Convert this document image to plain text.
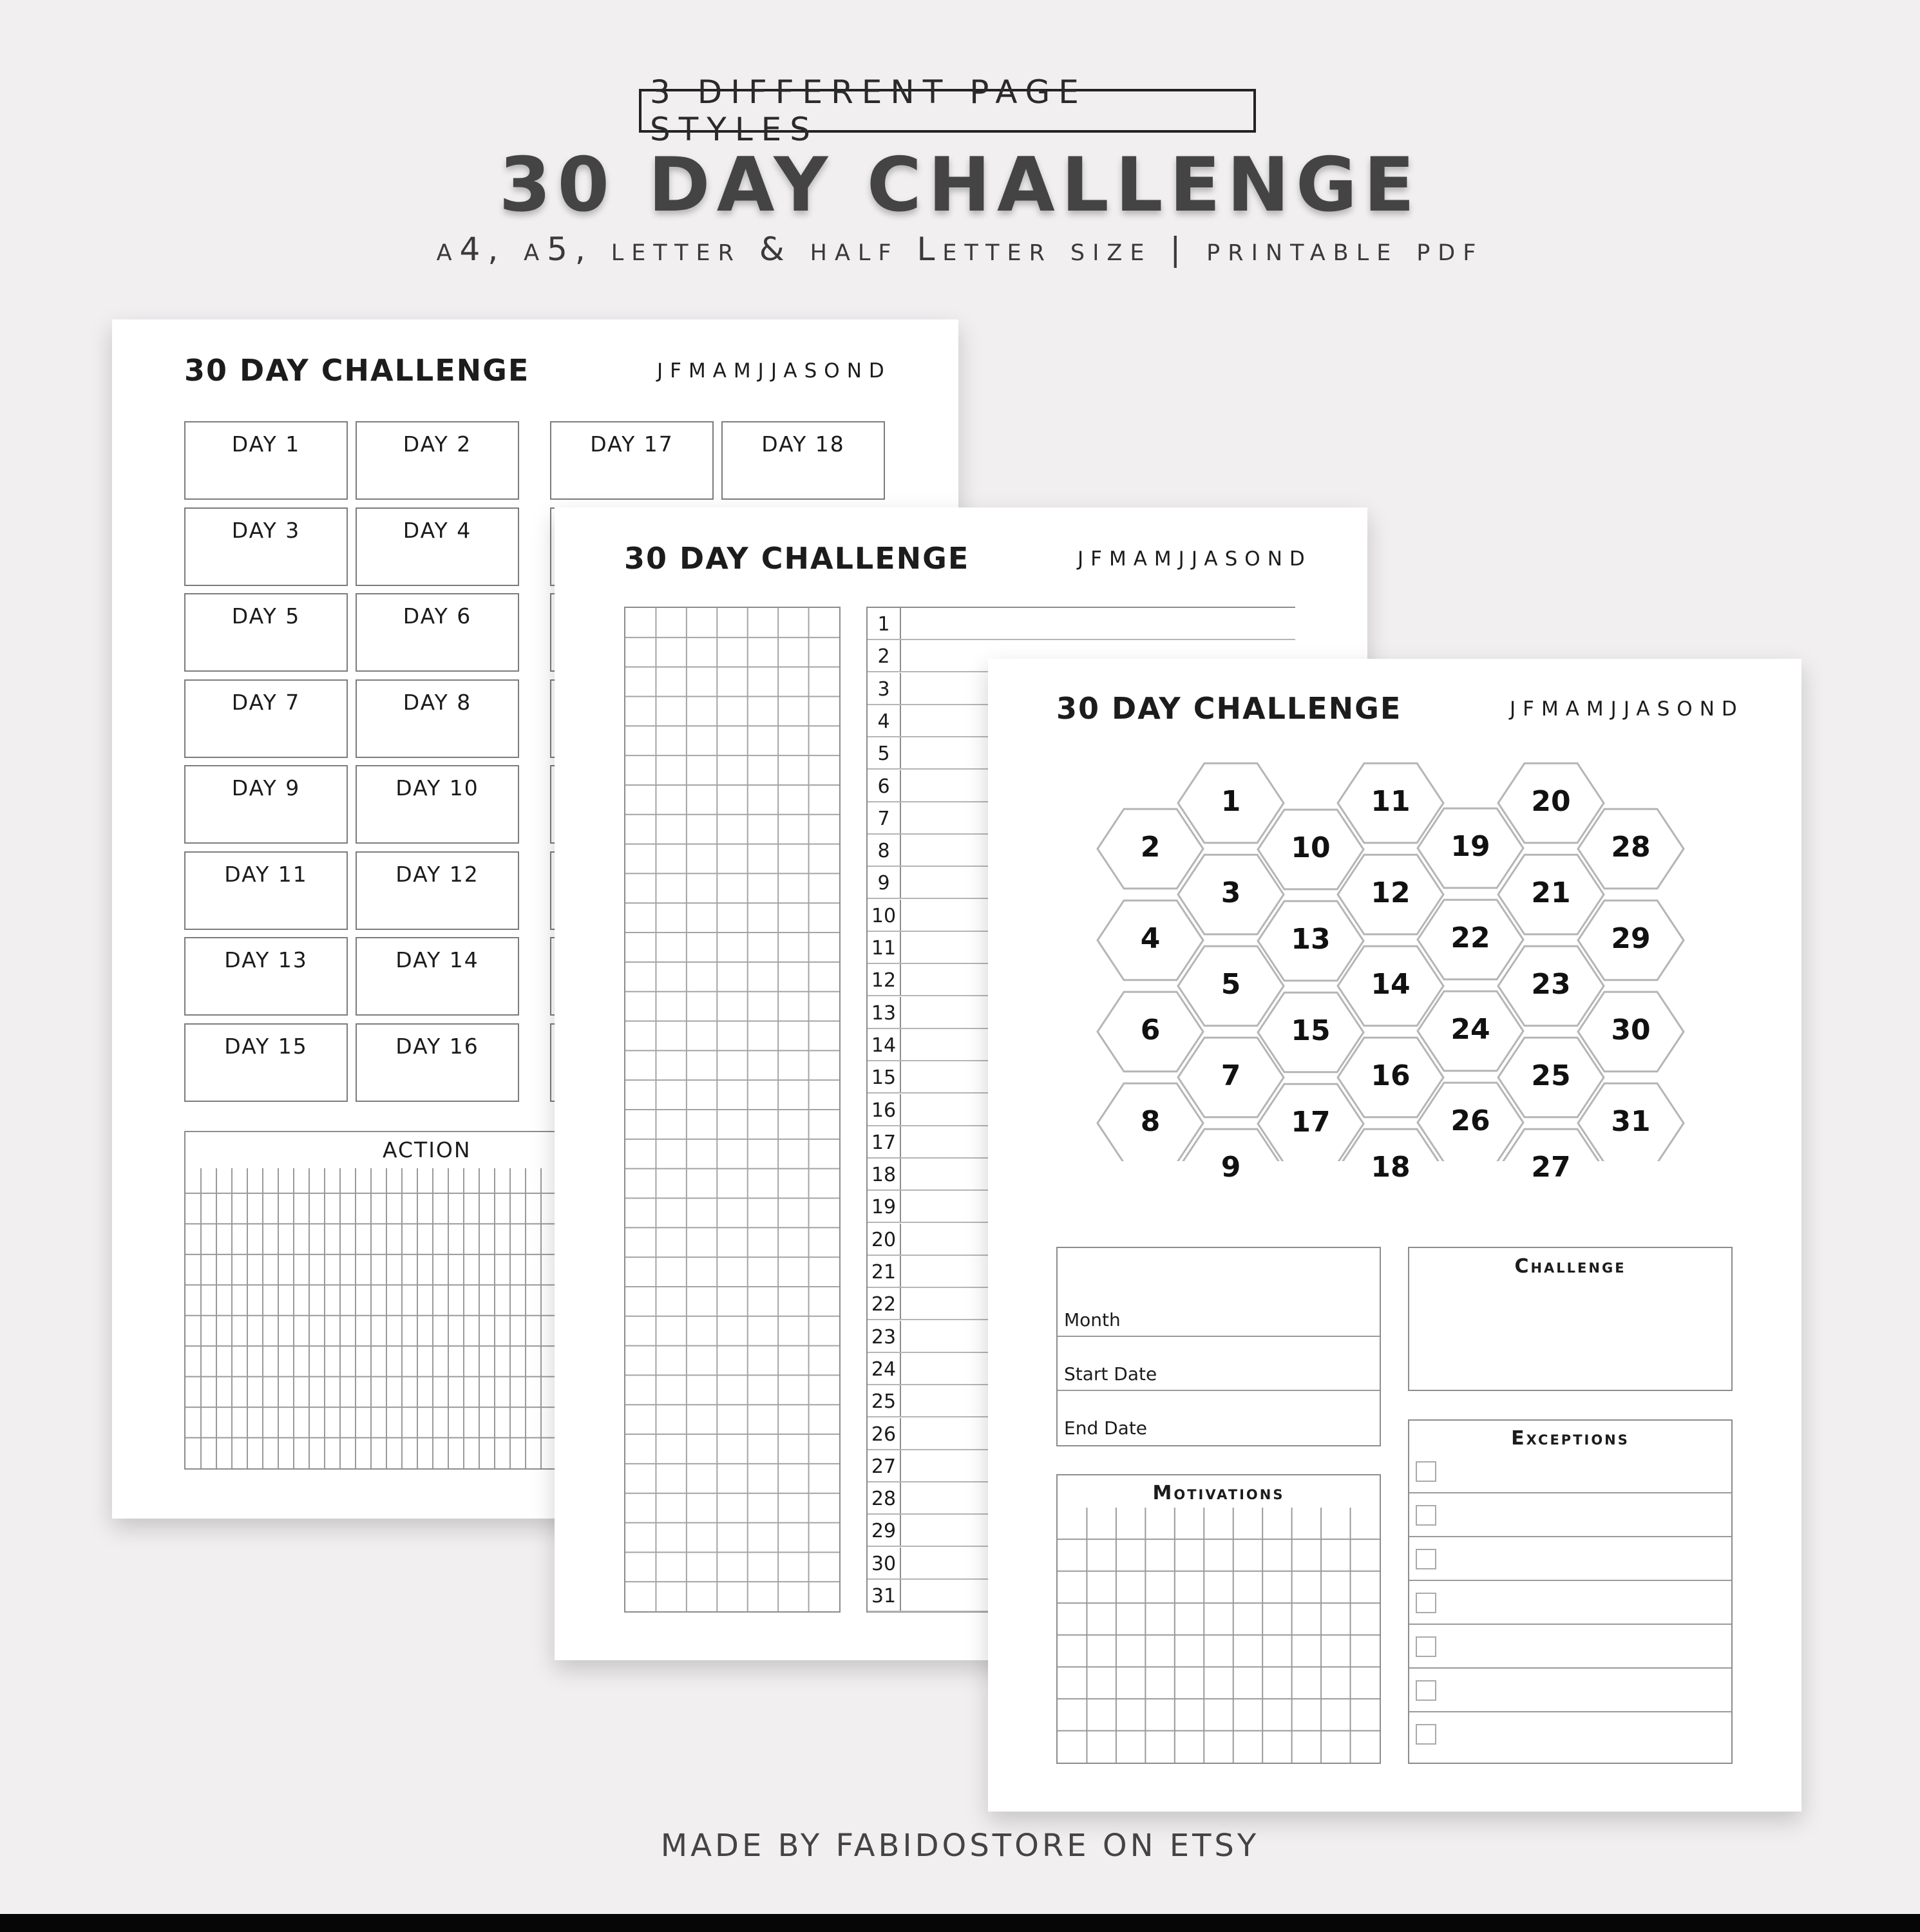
3 DIFFERENT PAGE STYLES
30 DAY CHALLENGE
a4, a5, letter & half Letter size | printable pdf
30 DAY CHALLENGE	JFMAMJJASOND
DAY 1	DAY 2
DAY 3	DAY 4
DAY 5	DAY 6
DAY 7	DAY 8
DAY 9	DAY 10
DAY 11	DAY 12
DAY 13	DAY 14
DAY 15	DAY 16
DAY 17	DAY 18
ACTION
30 DAY CHALLENGE	JFMAMJJASOND
1
2
3
4
5
6
7
8
9
10
11
12
13
14
15
16
17
18
19
20
21
22
23
24
25
26
27
28
29
30
31
30 DAY CHALLENGE	JFMAMJJASOND
2
4
6
8
1
3
5
7
9
10
13
15
17
11
12
14
16
18
19
22
24
26
20
21
23
25
27
28
29
30
31
Month
Start Date
End Date
Challenge
Motivations
Exceptions
MADE BY FABIDOSTORE ON ETSY
